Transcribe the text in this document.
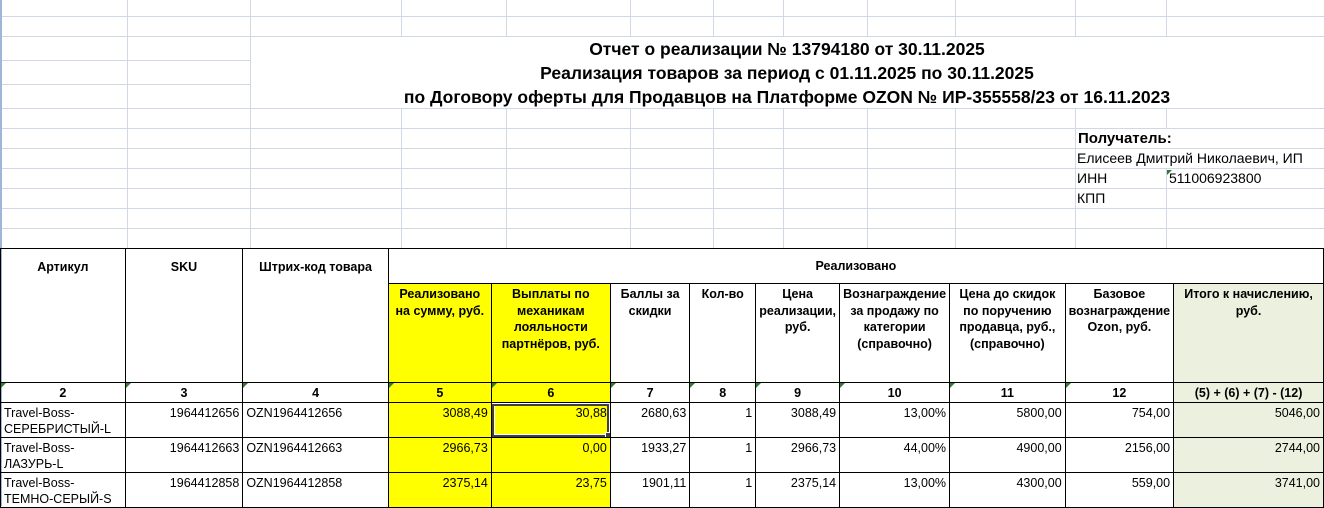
Отчет о реализации № 13794180 от 30.11.2025
Реализация товаров за период с 01.11.2025 по 30.11.2025
по Договору оферты для Продавцов на Платформе OZON № ИР-355558/23 от 16.11.2023
Получатель:
Елисеев Дмитрий Николаевич, ИП
ИНН	511006923800
КПП
Артикул	SKU	Штрих-код товара	Реализовано								
			Реализовано на сумму, руб.	Выплаты по механикам лояльности партнёров, руб.	Баллы за скидки	Кол-во	Цена реализации, руб.	Вознаграждение за продажу по категории (справочно)	Цена до скидок по поручению продавца, руб., (справочно)	Базовое вознаграждение Ozon, руб.	Итого к начислению, руб.
2	3	4	5	6	7	8	9	10	11	12	(5) + (6) + (7) - (12)
Travel-Boss-СЕРЕБРИСТЫЙ-L	1964412656	OZN1964412656	3088,49	30,88	2680,63	1	3088,49	13,00%	5800,00	754,00	5046,00
Travel-Boss-ЛАЗУРЬ-L	1964412663	OZN1964412663	2966,73	0,00	1933,27	1	2966,73	44,00%	4900,00	2156,00	2744,00
Travel-Boss-ТЕМНО-СЕРЫЙ-S	1964412858	OZN1964412858	2375,14	23,75	1901,11	1	2375,14	13,00%	4300,00	559,00	3741,00
